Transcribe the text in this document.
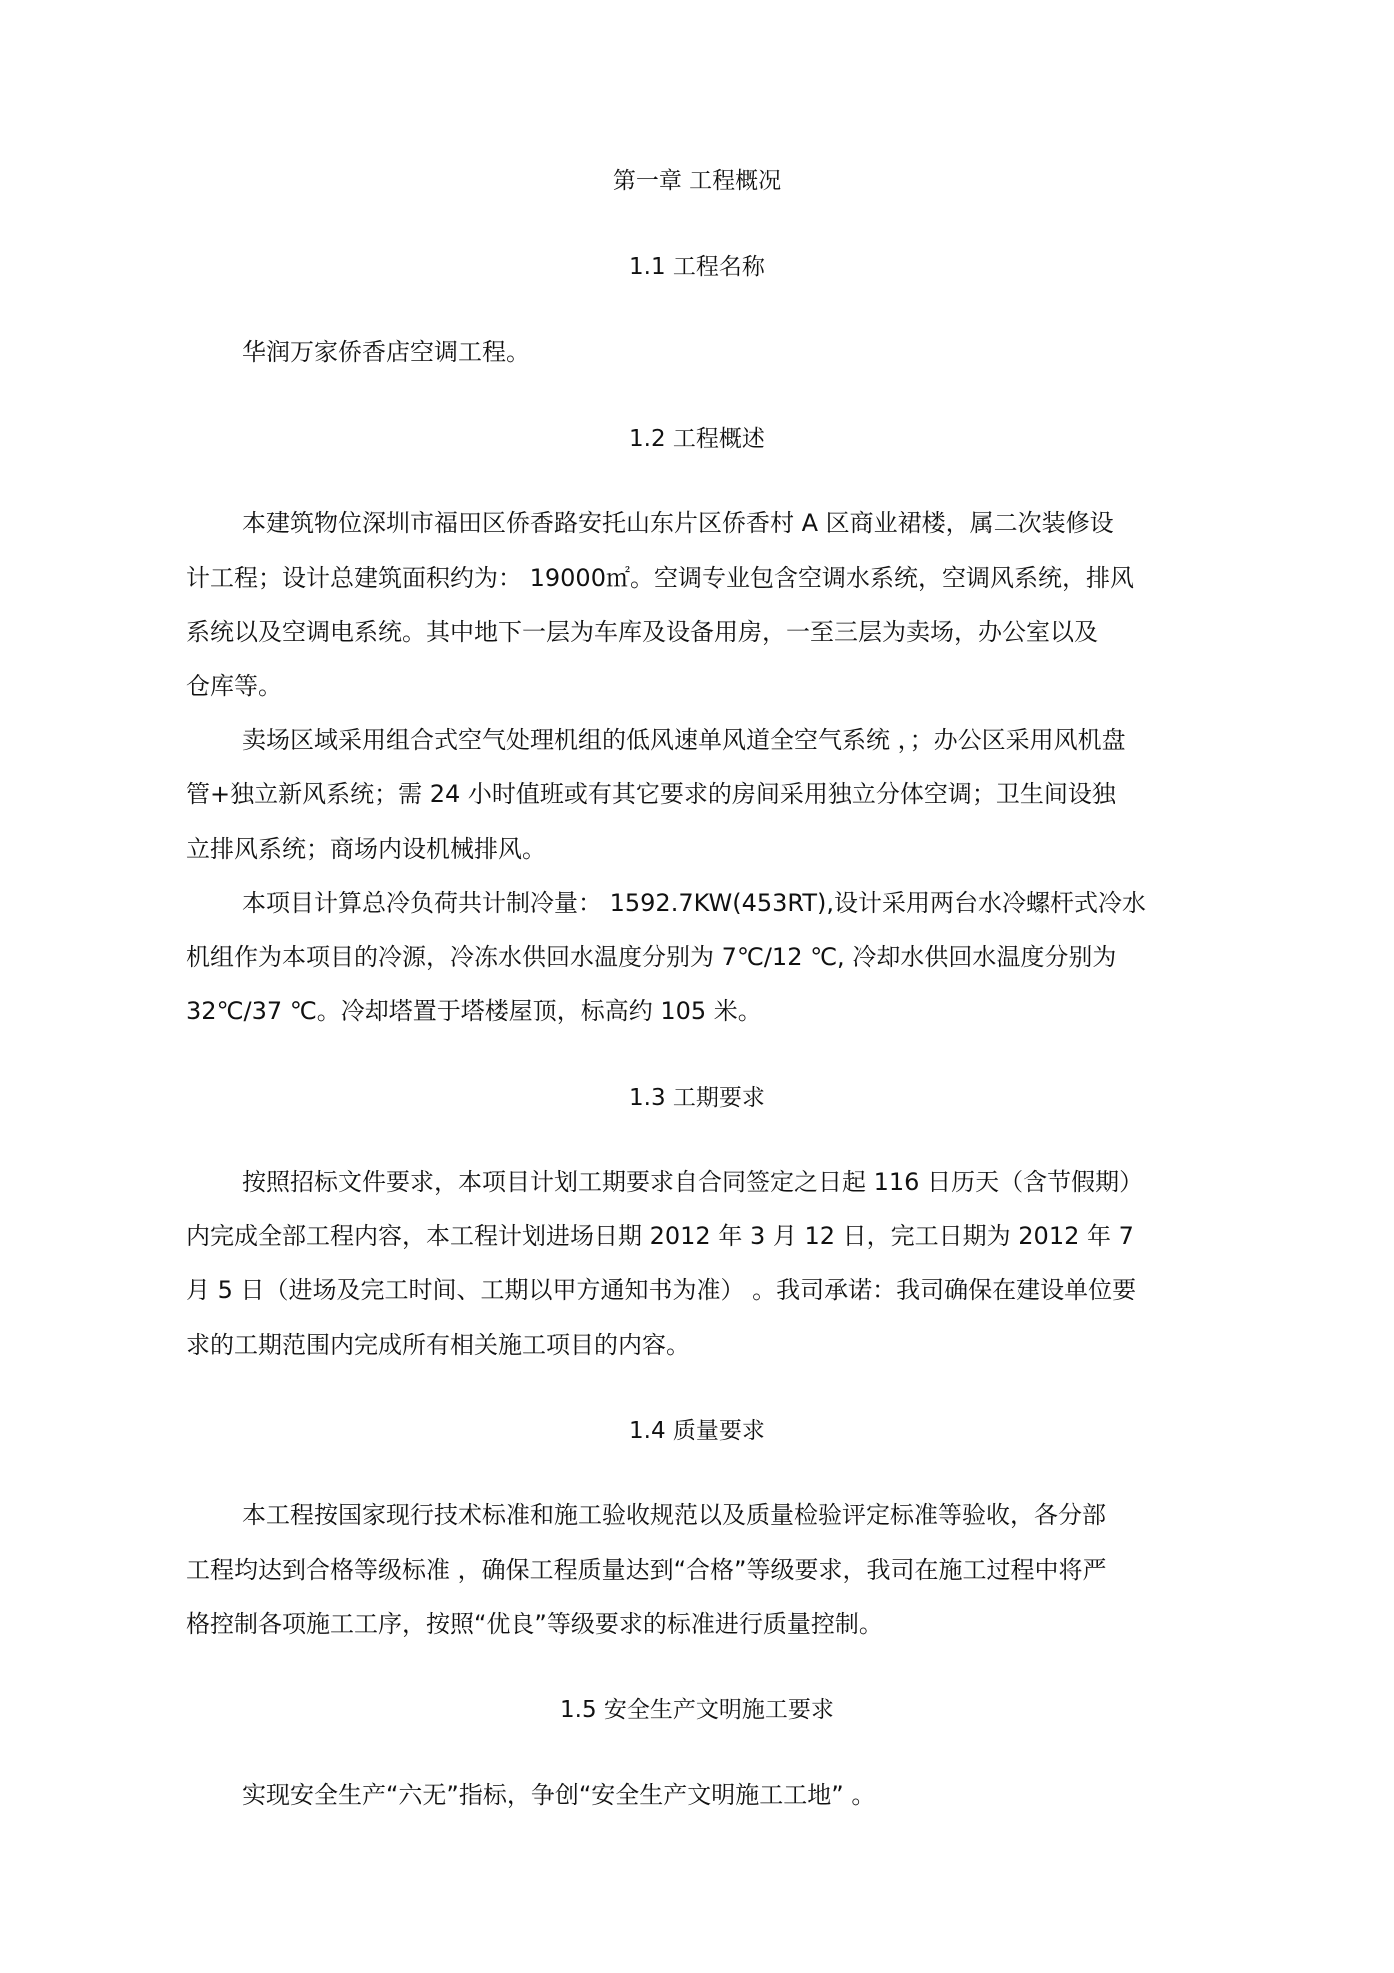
第一章 工程概况
1.1 工程名称
华润万家侨香店空调工程。
1.2 工程概述
本建筑物位深圳市福田区侨香路安托山东片区侨香村 A 区商业裙楼，属二次装修设
计工程；设计总建筑面积约为： 19000㎡。空调专业包含空调水系统，空调风系统，排风
系统以及空调电系统。其中地下一层为车库及设备用房，一至三层为卖场，办公室以及
仓库等。
卖场区域采用组合式空气处理机组的低风速单风道全空气系统 ，；办公区采用风机盘
管+独立新风系统；需 24 小时值班或有其它要求的房间采用独立分体空调；卫生间设独
立排风系统；商场内设机械排风。
本项目计算总冷负荷共计制冷量： 1592.7KW(453RT),设计采用两台水冷螺杆式冷水
机组作为本项目的冷源，冷冻水供回水温度分别为 7℃/12 ℃, 冷却水供回水温度分别为
32℃/37 ℃。冷却塔置于塔楼屋顶，标高约 105 米。
1.3 工期要求
按照招标文件要求，本项目计划工期要求自合同签定之日起 116 日历天（含节假期）
内完成全部工程内容，本工程计划进场日期 2012 年 3 月 12 日，完工日期为 2012 年 7
月 5 日（进场及完工时间、工期以甲方通知书为准） 。我司承诺：我司确保在建设单位要
求的工期范围内完成所有相关施工项目的内容。
1.4 质量要求
本工程按国家现行技术标准和施工验收规范以及质量检验评定标准等验收，各分部
工程均达到合格等级标准 ，确保工程质量达到“合格”等级要求，我司在施工过程中将严
格控制各项施工工序，按照“优良”等级要求的标准进行质量控制。
1.5 安全生产文明施工要求
实现安全生产“六无”指标，争创“安全生产文明施工工地” 。
